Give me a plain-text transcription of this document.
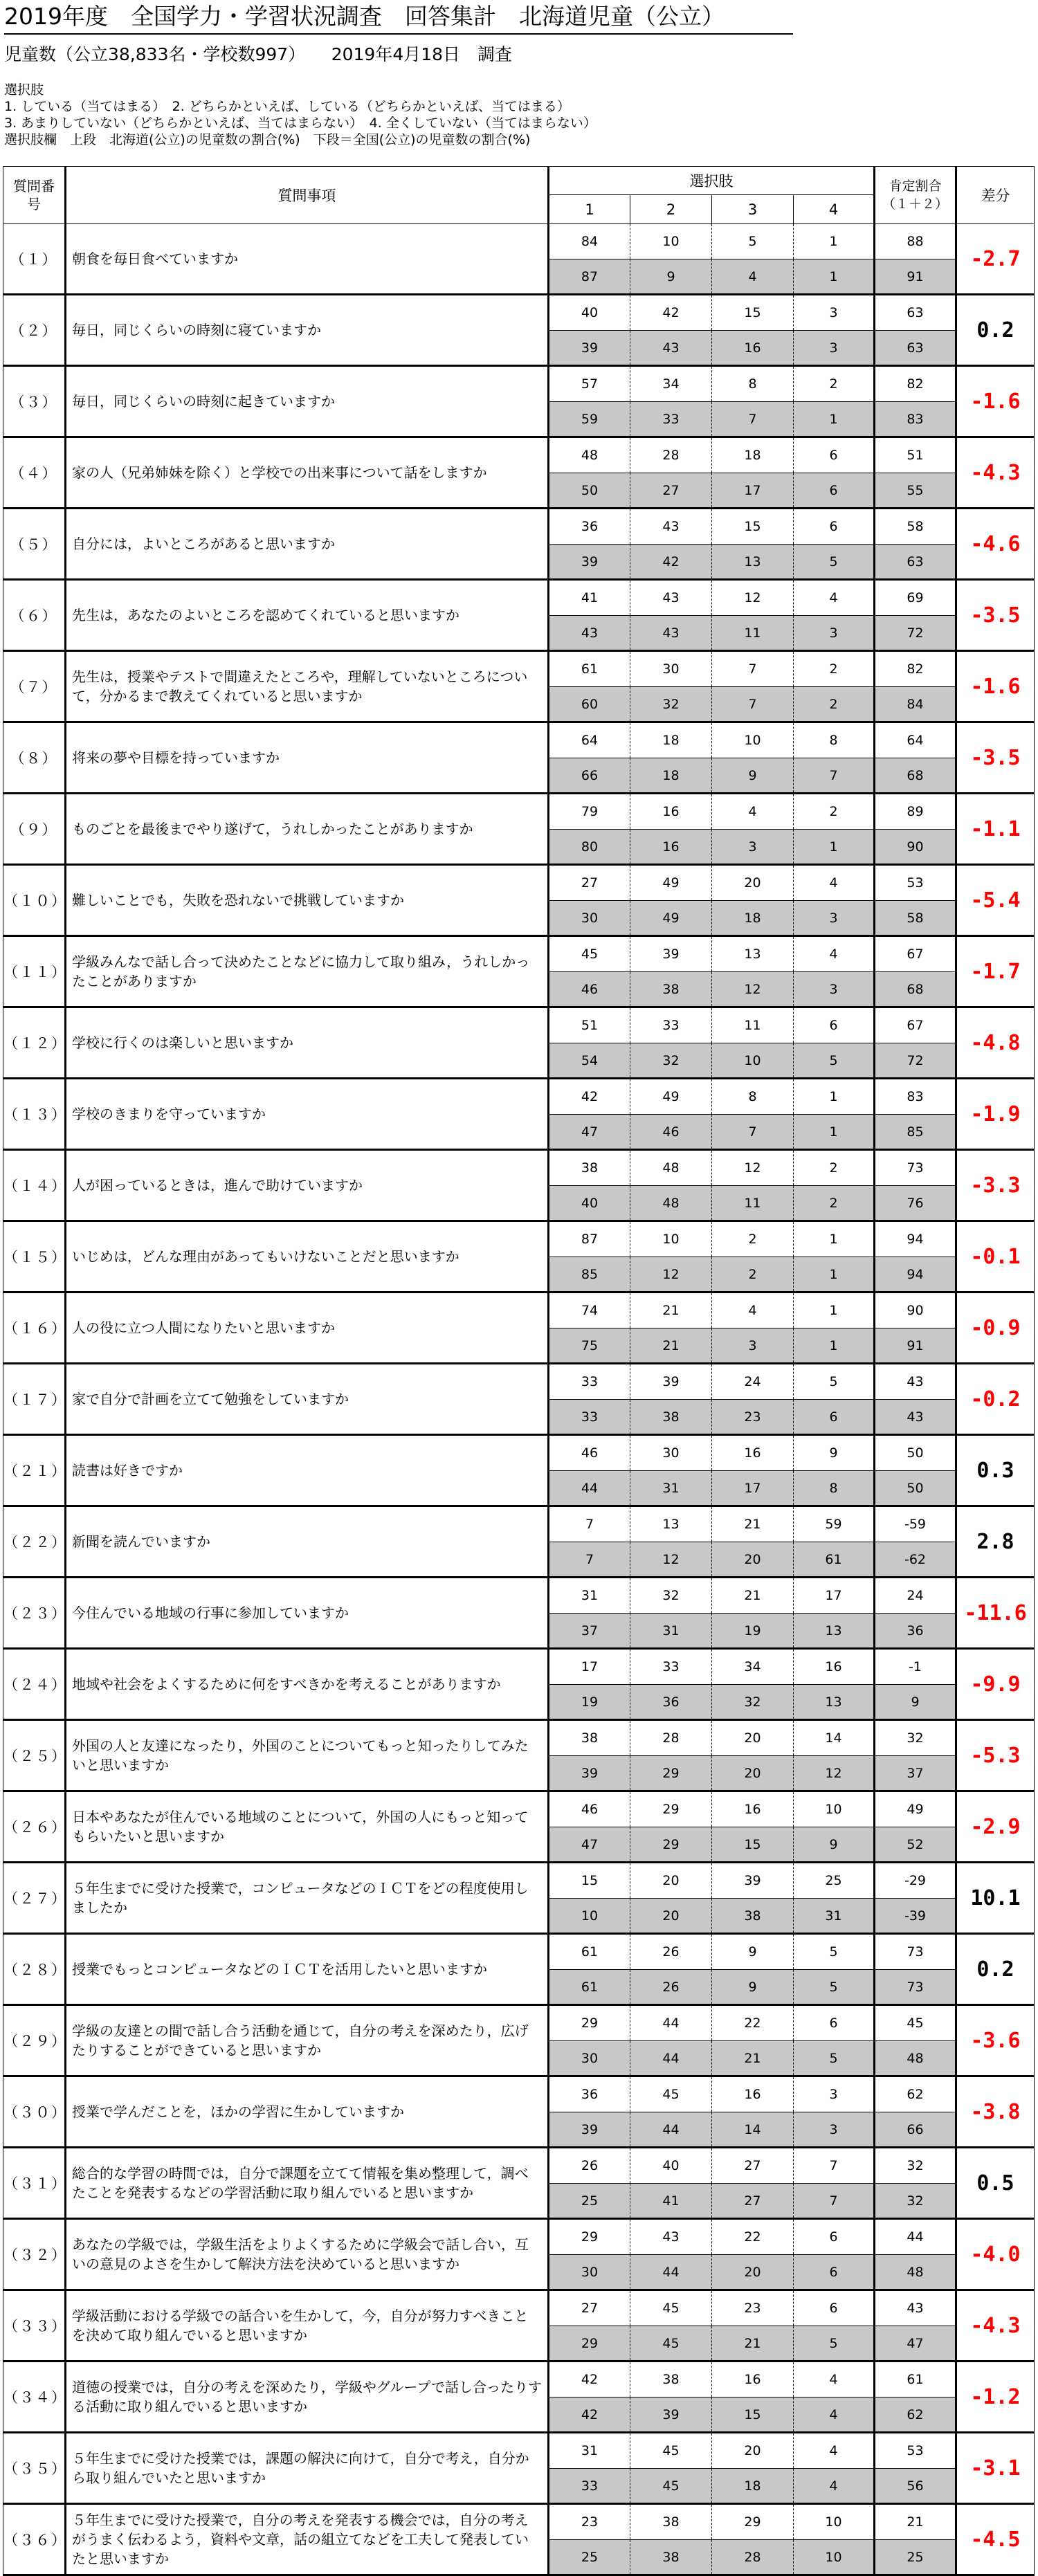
2019年度　全国学力・学習状況調査　回答集計　北海道児童（公立）
児童数（公立38,833名・学校数997）　　2019年4月18日　調査
選択肢
1. している（当てはまる）　2. どちらかといえば、している（どちらかといえば、当てはまる）
3. あまりしていない（どちらかといえば、当てはまらない）　4. 全くしていない（当てはまらない）
選択肢欄　上段　北海道(公立)の児童数の割合(%)　下段＝全国(公立)の児童数の割合(%)
質問番号	質問事項	選択肢				肯定割合（１＋２）	差分
		1	2	3	4		
（１）	朝食を毎日食べていますか	84	10	5	1	88	-2.7
		87	9	4	1	91	
（２）	毎日，同じくらいの時刻に寝ていますか	40	42	15	3	63	0.2
		39	43	16	3	63	
（３）	毎日，同じくらいの時刻に起きていますか	57	34	8	2	82	-1.6
		59	33	7	1	83	
（４）	家の人（兄弟姉妹を除く）と学校での出来事について話をしますか	48	28	18	6	51	-4.3
		50	27	17	6	55	
（５）	自分には，よいところがあると思いますか	36	43	15	6	58	-4.6
		39	42	13	5	63	
（６）	先生は，あなたのよいところを認めてくれていると思いますか	41	43	12	4	69	-3.5
		43	43	11	3	72	
（７）	先生は，授業やテストで間違えたところや，理解していないところについて，分かるまで教えてくれていると思いますか	61	30	7	2	82	-1.6
		60	32	7	2	84	
（８）	将来の夢や目標を持っていますか	64	18	10	8	64	-3.5
		66	18	9	7	68	
（９）	ものごとを最後までやり遂げて，うれしかったことがありますか	79	16	4	2	89	-1.1
		80	16	3	1	90	
（１０）	難しいことでも，失敗を恐れないで挑戦していますか	27	49	20	4	53	-5.4
		30	49	18	3	58	
（１１）	学級みんなで話し合って決めたことなどに協力して取り組み，うれしかったことがありますか	45	39	13	4	67	-1.7
		46	38	12	3	68	
（１２）	学校に行くのは楽しいと思いますか	51	33	11	6	67	-4.8
		54	32	10	5	72	
（１３）	学校のきまりを守っていますか	42	49	8	1	83	-1.9
		47	46	7	1	85	
（１４）	人が困っているときは，進んで助けていますか	38	48	12	2	73	-3.3
		40	48	11	2	76	
（１５）	いじめは，どんな理由があってもいけないことだと思いますか	87	10	2	1	94	-0.1
		85	12	2	1	94	
（１６）	人の役に立つ人間になりたいと思いますか	74	21	4	1	90	-0.9
		75	21	3	1	91	
（１７）	家で自分で計画を立てて勉強をしていますか	33	39	24	5	43	-0.2
		33	38	23	6	43	
（２１）	読書は好きですか	46	30	16	9	50	0.3
		44	31	17	8	50	
（２２）	新聞を読んでいますか	7	13	21	59	-59	2.8
		7	12	20	61	-62	
（２３）	今住んでいる地域の行事に参加していますか	31	32	21	17	24	-11.6
		37	31	19	13	36	
（２４）	地域や社会をよくするために何をすべきかを考えることがありますか	17	33	34	16	-1	-9.9
		19	36	32	13	9	
（２５）	外国の人と友達になったり，外国のことについてもっと知ったりしてみたいと思いますか	38	28	20	14	32	-5.3
		39	29	20	12	37	
（２６）	日本やあなたが住んでいる地域のことについて，外国の人にもっと知ってもらいたいと思いますか	46	29	16	10	49	-2.9
		47	29	15	9	52	
（２７）	５年生までに受けた授業で，コンピュータなどのＩＣＴをどの程度使用しましたか	15	20	39	25	-29	10.1
		10	20	38	31	-39	
（２８）	授業でもっとコンピュータなどのＩＣＴを活用したいと思いますか	61	26	9	5	73	0.2
		61	26	9	5	73	
（２９）	学級の友達との間で話し合う活動を通じて，自分の考えを深めたり，広げたりすることができていると思いますか	29	44	22	6	45	-3.6
		30	44	21	5	48	
（３０）	授業で学んだことを，ほかの学習に生かしていますか	36	45	16	3	62	-3.8
		39	44	14	3	66	
（３１）	総合的な学習の時間では，自分で課題を立てて情報を集め整理して，調べたことを発表するなどの学習活動に取り組んでいると思いますか	26	40	27	7	32	0.5
		25	41	27	7	32	
（３２）	あなたの学級では，学級生活をよりよくするために学級会で話し合い，互いの意見のよさを生かして解決方法を決めていると思いますか	29	43	22	6	44	-4.0
		30	44	20	6	48	
（３３）	学級活動における学級での話合いを生かして，今，自分が努力すべきことを決めて取り組んでいると思いますか	27	45	23	6	43	-4.3
		29	45	21	5	47	
（３４）	道徳の授業では，自分の考えを深めたり，学級やグループで話し合ったりする活動に取り組んでいると思いますか	42	38	16	4	61	-1.2
		42	39	15	4	62	
（３５）	５年生までに受けた授業では，課題の解決に向けて，自分で考え，自分から取り組んでいたと思いますか	31	45	20	4	53	-3.1
		33	45	18	4	56	
（３６）	５年生までに受けた授業で，自分の考えを発表する機会では，自分の考えがうまく伝わるよう，資料や文章，話の組立てなどを工夫して発表していたと思いますか	23	38	29	10	21	-4.5
		25	38	28	10	25	
